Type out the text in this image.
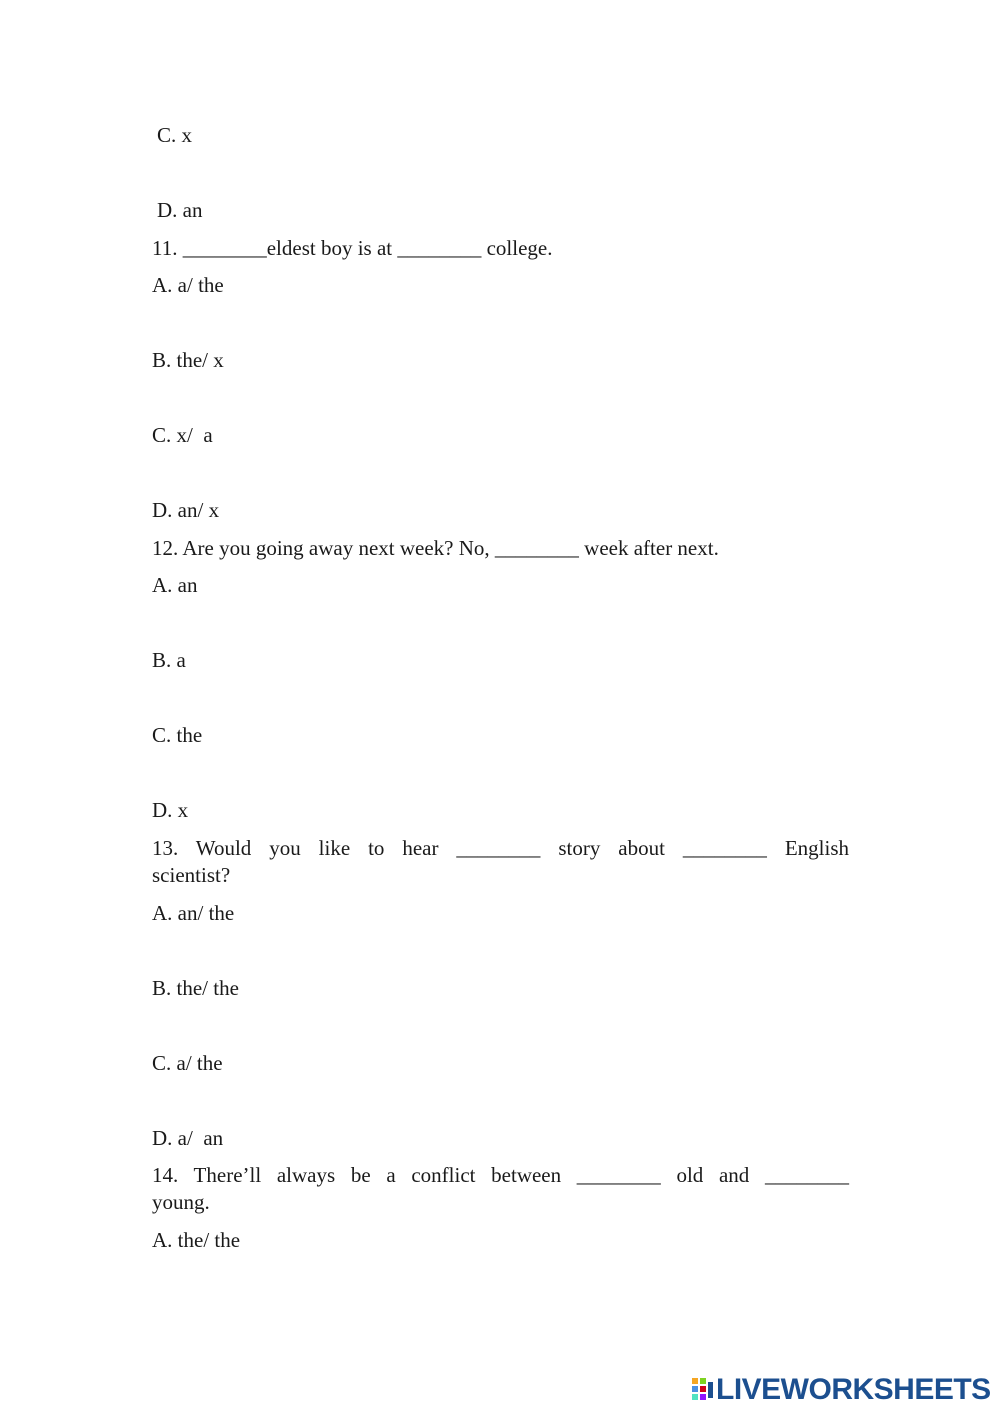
C. x
D. an
11. ________eldest boy is at ________ college.
A. a/ the
B. the/ x
C. x/  a
D. an/ x
12. Are you going away next week? No, ________ week after next.
A. an
B. a
C. the
D. x
13. Would you like to hear ________ story about ________ English
scientist?
A. an/ the
B. the/ the
C. a/ the
D. a/  an
14. There’ll always be a conflict between ________ old and ________
young.
A. the/ the
LIVEWORKSHEETS
